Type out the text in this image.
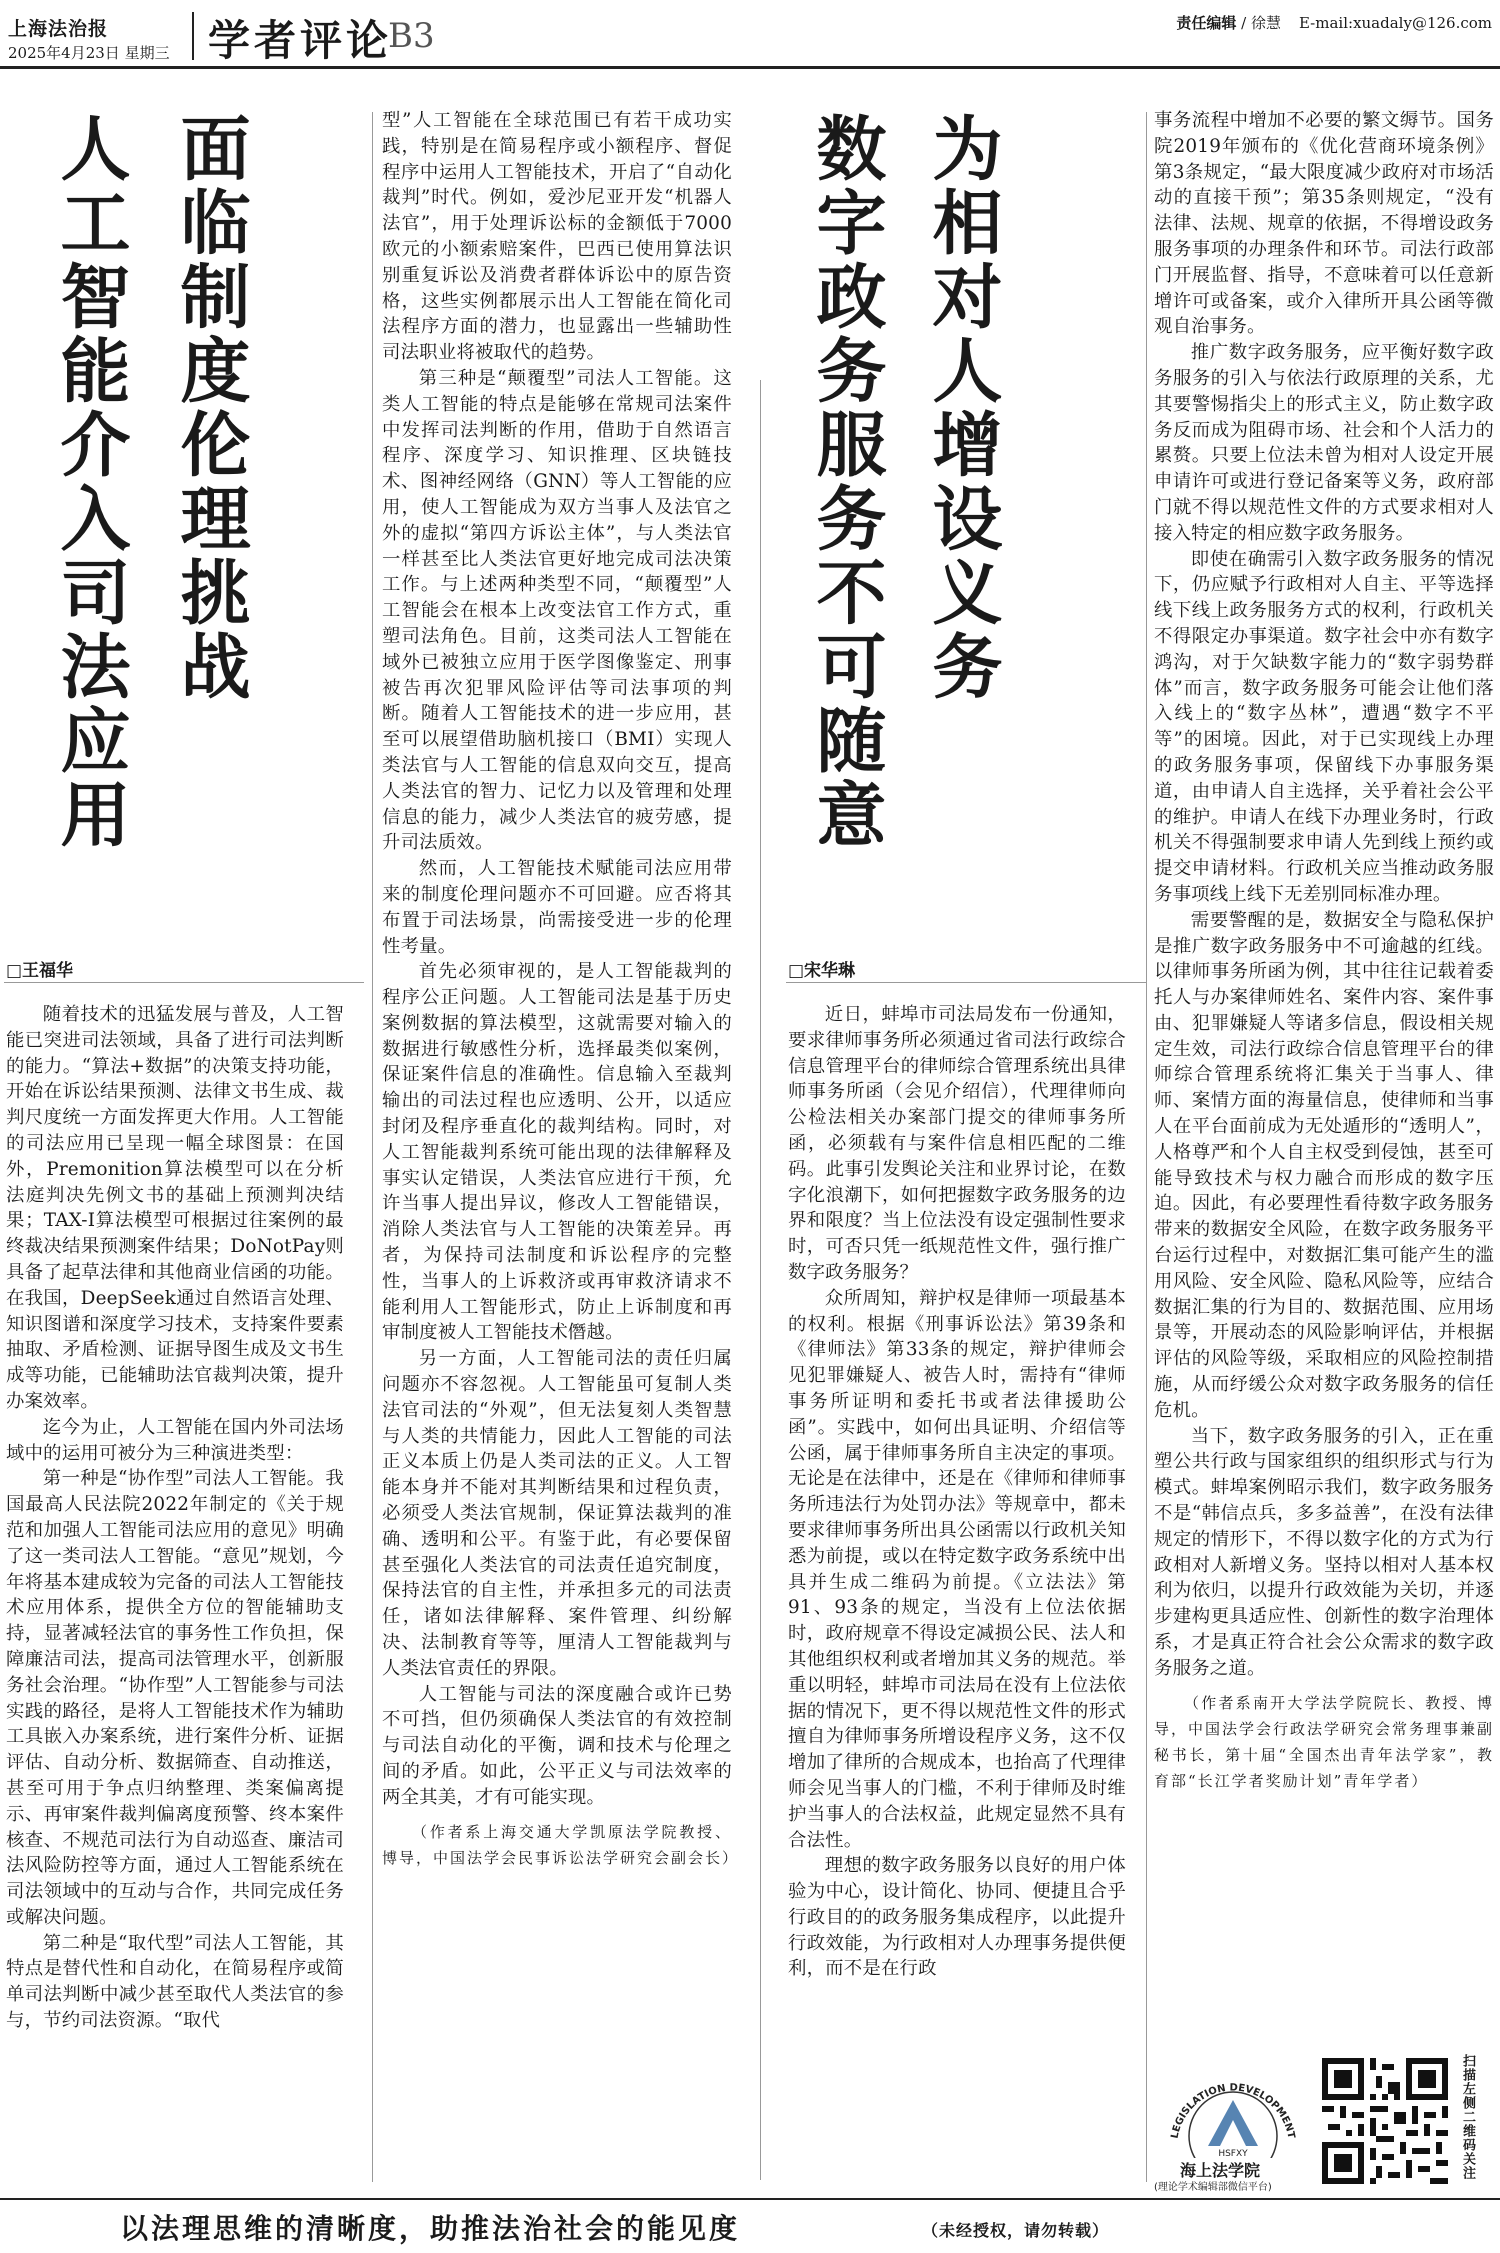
上海法治报
2025年4月23日 星期三 学者评论
B3	责任编辑 / 徐慧 E-mail:xuadaly@126.com
人工智能介入司法应用 面临制度伦理挑战
□王福华

随着技术的迅猛发展与普及，人工智能已突进司法领域，具备了进行司法判断的能力。“算法+数据”的决策支持功能，开始在诉讼结果预测、法律文书生成、裁判尺度统一方面发挥更大作用。人工智能的司法应用已呈现一幅全球图景：在国外，Premonition算法模型可以在分析法庭判决先例文书的基础上预测判决结果；TAX-I算法模型可根据过往案例的最终裁决结果预测案件结果；DoNotPay则具备了起草法律和其他商业信函的功能。在我国，DeepSeek通过自然语言处理、知识图谱和深度学习技术，支持案件要素抽取、矛盾检测、证据导图生成及文书生成等功能，已能辅助法官裁判决策，提升办案效率。

迄今为止，人工智能在国内外司法场域中的运用可被分为三种演进类型：

第一种是“协作型”司法人工智能。我国最高人民法院2022年制定的《关于规范和加强人工智能司法应用的意见》明确了这一类司法人工智能。“意见”规划，今年将基本建成较为完备的司法人工智能技术应用体系，提供全方位的智能辅助支持，显著减轻法官的事务性工作负担，保障廉洁司法，提高司法管理水平，创新服务社会治理。“协作型”人工智能参与司法实践的路径，是将人工智能技术作为辅助工具嵌入办案系统，进行案件分析、证据评估、自动分析、数据筛查、自动推送，甚至可用于争点归纳整理、类案偏离提示、再审案件裁判偏离度预警、终本案件核查、不规范司法行为自动巡查、廉洁司法风险防控等方面，通过人工智能系统在司法领域中的互动与合作，共同完成任务或解决问题。

第二种是“取代型”司法人工智能，其特点是替代性和自动化，在简易程序或简单司法判断中减少甚至取代人类法官的参与，节约司法资源。“取代

型”人工智能在全球范围已有若干成功实践，特别是在简易程序或小额程序、督促程序中运用人工智能技术，开启了“自动化裁判”时代。例如，爱沙尼亚开发“机器人法官”，用于处理诉讼标的金额低于7000欧元的小额索赔案件，巴西已使用算法识别重复诉讼及消费者群体诉讼中的原告资格，这些实例都展示出人工智能在简化司法程序方面的潜力，也显露出一些辅助性司法职业将被取代的趋势。

第三种是“颠覆型”司法人工智能。这类人工智能的特点是能够在常规司法案件中发挥司法判断的作用，借助于自然语言程序、深度学习、知识推理、区块链技术、图神经网络（GNN）等人工智能的应用，使人工智能成为双方当事人及法官之外的虚拟“第四方诉讼主体”，与人类法官一样甚至比人类法官更好地完成司法决策工作。与上述两种类型不同，“颠覆型”人工智能会在根本上改变法官工作方式，重塑司法角色。目前，这类司法人工智能在域外已被独立应用于医学图像鉴定、刑事被告再次犯罪风险评估等司法事项的判断。随着人工智能技术的进一步应用，甚至可以展望借助脑机接口（BMI）实现人类法官与人工智能的信息双向交互，提高人类法官的智力、记忆力以及管理和处理信息的能力，减少人类法官的疲劳感，提升司法质效。

然而，人工智能技术赋能司法应用带来的制度伦理问题亦不可回避。应否将其布置于司法场景，尚需接受进一步的伦理性考量。

首先必须审视的，是人工智能裁判的程序公正问题。人工智能司法是基于历史案例数据的算法模型，这就需要对输入的数据进行敏感性分析，选择最类似案例，保证案件信息的准确性。信息输入至裁判输出的司法过程也应透明、公开，以适应封闭及程序垂直化的裁判结构。同时，对人工智能裁判系统可能出现的法律解释及事实认定错误，人类法官应进行干预，允许当事人提出异议，修改人工智能错误，消除人类法官与人工智能的决策差异。再者，为保持司法制度和诉讼程序的完整性，当事人的上诉救济或再审救济请求不能利用人工智能形式，防止上诉制度和再审制度被人工智能技术僭越。

另一方面，人工智能司法的责任归属问题亦不容忽视。人工智能虽可复制人类法官司法的“外观”，但无法复刻人类智慧与人类的共情能力，因此人工智能的司法正义本质上仍是人类司法的正义。人工智能本身并不能对其判断结果和过程负责，必须受人类法官规制，保证算法裁判的准确、透明和公平。有鉴于此，有必要保留甚至强化人类法官的司法责任追究制度，保持法官的自主性，并承担多元的司法责任，诸如法律解释、案件管理、纠纷解决、法制教育等等，厘清人工智能裁判与人类法官责任的界限。

人工智能与司法的深度融合或许已势不可挡，但仍须确保人类法官的有效控制与司法自动化的平衡，调和技术与伦理之间的矛盾。如此，公平正义与司法效率的两全其美，才有可能实现。

（作者系上海交通大学凯原法学院教授、博导，中国法学会民事诉讼法学研究会副会长）

数字政务服务不可随意 为相对人增设义务
□宋华琳

近日，蚌埠市司法局发布一份通知，要求律师事务所必须通过省司法行政综合信息管理平台的律师综合管理系统出具律师事务所函（会见介绍信），代理律师向公检法相关办案部门提交的律师事务所函，必须载有与案件信息相匹配的二维码。此事引发舆论关注和业界讨论，在数字化浪潮下，如何把握数字政务服务的边界和限度？当上位法没有设定强制性要求时，可否只凭一纸规范性文件，强行推广数字政务服务？

众所周知，辩护权是律师一项最基本的权利。根据《刑事诉讼法》第39条和《律师法》第33条的规定，辩护律师会见犯罪嫌疑人、被告人时，需持有“律师事务所证明和委托书或者法律援助公函”。实践中，如何出具证明、介绍信等公函，属于律师事务所自主决定的事项。无论是在法律中，还是在《律师和律师事务所违法行为处罚办法》等规章中，都未要求律师事务所出具公函需以行政机关知悉为前提，或以在特定数字政务系统中出具并生成二维码为前提。《立法法》第91、93条的规定，当没有上位法依据时，政府规章不得设定减损公民、法人和其他组织权利或者增加其义务的规范。举重以明轻，蚌埠市司法局在没有上位法依据的情况下，更不得以规范性文件的形式擅自为律师事务所增设程序义务，这不仅增加了律所的合规成本，也抬高了代理律师会见当事人的门槛，不利于律师及时维护当事人的合法权益，此规定显然不具有合法性。

理想的数字政务服务以良好的用户体验为中心，设计简化、协同、便捷且合乎行政目的的政务服务集成程序，以此提升行政效能，为行政相对人办理事务提供便利，而不是在行政

事务流程中增加不必要的繁文缛节。国务院2019年颁布的《优化营商环境条例》第3条规定，“最大限度减少政府对市场活动的直接干预”；第35条则规定，“没有法律、法规、规章的依据，不得增设政务服务事项的办理条件和环节。司法行政部门开展监督、指导，不意味着可以任意新增许可或备案，或介入律所开具公函等微观自治事务。

推广数字政务服务，应平衡好数字政务服务的引入与依法行政原理的关系，尤其要警惕指尖上的形式主义，防止数字政务反而成为阻碍市场、社会和个人活力的累赘。只要上位法未曾为相对人设定开展申请许可或进行登记备案等义务，政府部门就不得以规范性文件的方式要求相对人接入特定的相应数字政务服务。

即使在确需引入数字政务服务的情况下，仍应赋予行政相对人自主、平等选择线下线上政务服务方式的权利，行政机关不得限定办事渠道。数字社会中亦有数字鸿沟，对于欠缺数字能力的“数字弱势群体”而言，数字政务服务可能会让他们落入线上的“数字丛林”，遭遇“数字不平等”的困境。因此，对于已实现线上办理的政务服务事项，保留线下办事服务渠道，由申请人自主选择，关乎着社会公平的维护。申请人在线下办理业务时，行政机关不得强制要求申请人先到线上预约或提交申请材料。行政机关应当推动政务服务事项线上线下无差别同标准办理。

需要警醒的是，数据安全与隐私保护是推广数字政务服务中不可逾越的红线。以律师事务所函为例，其中往往记载着委托人与办案律师姓名、案件内容、案件事由、犯罪嫌疑人等诸多信息，假设相关规定生效，司法行政综合信息管理平台的律师综合管理系统将汇集关于当事人、律师、案情方面的海量信息，使律师和当事人在平台面前成为无处遁形的“透明人”，人格尊严和个人自主权受到侵蚀，甚至可能导致技术与权力融合而形成的数字压迫。因此，有必要理性看待数字政务服务带来的数据安全风险，在数字政务服务平台运行过程中，对数据汇集可能产生的滥用风险、安全风险、隐私风险等，应结合数据汇集的行为目的、数据范围、应用场景等，开展动态的风险影响评估，并根据评估的风险等级，采取相应的风险控制措施，从而纾缓公众对数字政务服务的信任危机。

当下，数字政务服务的引入，正在重塑公共行政与国家组织的组织形式与行为模式。蚌埠案例昭示我们，数字政务服务不是“韩信点兵，多多益善”，在没有法律规定的情形下，不得以数字化的方式为行政相对人新增义务。坚持以相对人基本权利为依归，以提升行政效能为关切，并逐步建构更具适应性、创新性的数字治理体系，才是真正符合社会公众需求的数字政务服务之道。

（作者系南开大学法学院院长、教授、博导，中国法学会行政法学研究会常务理事兼副秘书长，第十届“全国杰出青年法学家”，教育部“长江学者奖励计划”青年学者）

LEGISLATION DEVELOPMENT
HSFXY
海上法学院
(理论学术编辑部微信平台)
扫描左侧二维码关注
以法理思维的清晰度，助推法治社会的能见度	（未经授权，请勿转载）
